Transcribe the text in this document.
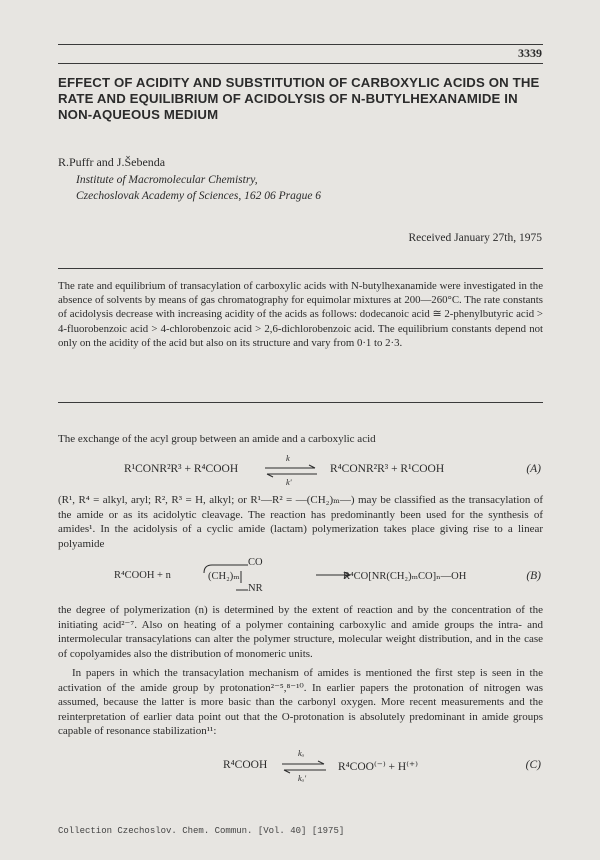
3339
EFFECT OF ACIDITY AND SUBSTITUTION OF CARBOXYLIC ACIDS ON THE RATE AND EQUILIBRIUM OF ACIDOLYSIS OF N-BUTYLHEXANAMIDE IN NON-AQUEOUS MEDIUM
R.Puffr and J.Šebenda
Institute of Macromolecular Chemistry,
Czechoslovak Academy of Sciences, 162 06 Prague 6
Received January 27th, 1975
The rate and equilibrium of transacylation of carboxylic acids with N-butylhexanamide were investigated in the absence of solvents by means of gas chromatography for equimolar mixtures at 200—260°C. The rate constants of acidolysis decrease with increasing acidity of the acids as follows: dodecanoic acid ≅ 2-phenylbutyric acid > 4-fluorobenzoic acid > 4-chlorobenzoic acid > 2,6-dichlorobenzoic acid. The equilibrium constants depend not only on the acidity of the acid but also on its structure and vary from 0·1 to 2·3.
The exchange of the acyl group between an amide and a carboxylic acid
R¹CONR²R³ + R⁴COOH
k
k'
R⁴CONR²R³ + R¹COOH	(A)
(R¹, R⁴ = alkyl, aryl; R², R³ = H, alkyl; or R¹—R² = —(CH₂)ₘ—) may be classified as the transacylation of the amide or as its acidolytic cleavage. The reaction has predominantly been used for the synthesis of amides¹. In the acidolysis of a cyclic amide (lactam) polymerization takes place giving rise to a linear polyamide
R⁴COOH + n
CO
(CH₂)ₘ
NR
R⁴CO[NR(CH₂)ₘCO]ₙ—OH	(B)
the degree of polymerization (n) is determined by the extent of reaction and by the concentration of the initiating acid²⁻⁷. Also on heating of a polymer containing carboxylic and amide groups the intra- and intermolecular transacylations can alter the polymer structure, molecular weight distribution, and in the case of copolyamides also the distribution of monomeric units.
In papers in which the transacylation mechanism of amides is mentioned the first step is seen in the activation of the amide group by protonation²⁻⁵,⁸⁻¹⁰. In earlier papers the protonation of nitrogen was assumed, because the latter is more basic than the carbonyl oxygen. More recent measurements and the reinterpretation of earlier data point out that the O-protonation is absolutely predominant in amide groups capable of resonance stabilization¹¹:
R⁴COOH
kₐ
kₐ'
R⁴COO⁽⁻⁾ + H⁽⁺⁾	(C)
Collection Czechoslov. Chem. Commun. [Vol. 40] [1975]
